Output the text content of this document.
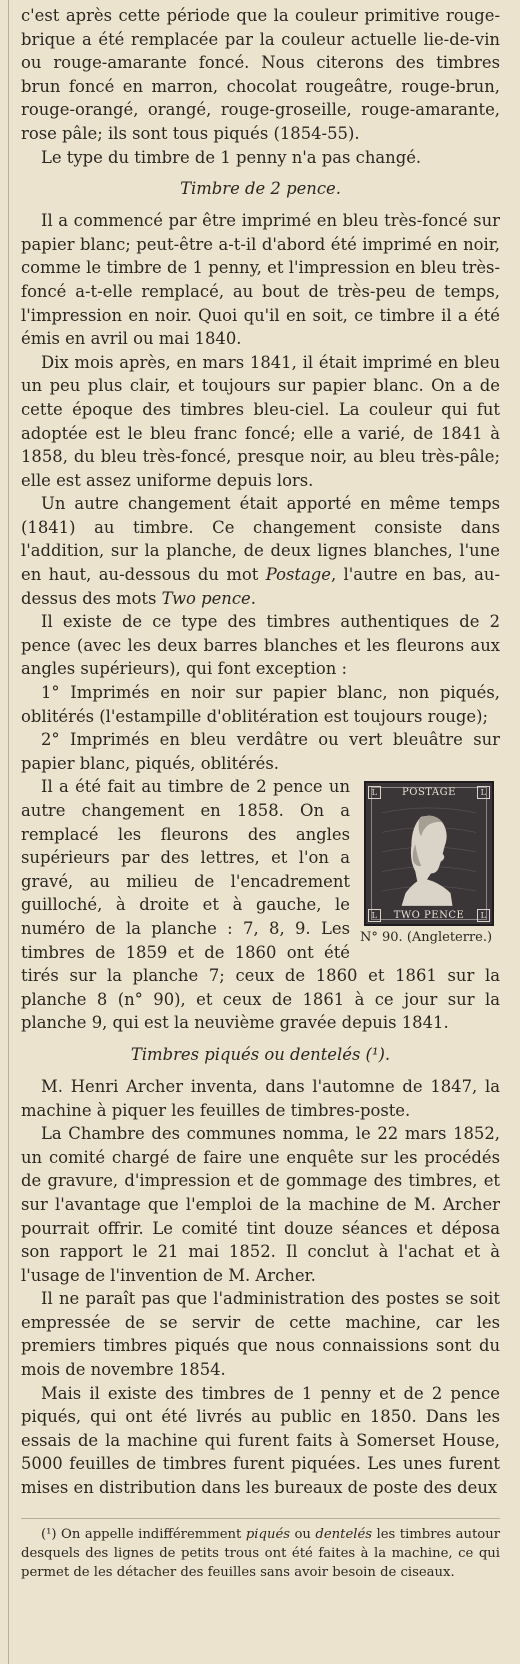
c'est après cette période que la couleur primitive rouge-brique a été remplacée par la couleur actuelle lie-de-vin ou rouge-amarante foncé. Nous citerons des timbres brun foncé en marron, chocolat rougeâtre, rouge-brun, rouge-orangé, orangé, rouge-groseille, rouge-amarante, rose pâle; ils sont tous piqués (1854-55).

Le type du timbre de 1 penny n'a pas changé.

Timbre de 2 pence.

Il a commencé par être imprimé en bleu très-foncé sur papier blanc; peut-être a-t-il d'abord été imprimé en noir, comme le timbre de 1 penny, et l'impression en bleu très-foncé a-t-elle remplacé, au bout de très-peu de temps, l'impression en noir. Quoi qu'il en soit, ce timbre il a été émis en avril ou mai 1840.

Dix mois après, en mars 1841, il était imprimé en bleu un peu plus clair, et toujours sur papier blanc. On a de cette époque des timbres bleu-ciel. La couleur qui fut adoptée est le bleu franc foncé; elle a varié, de 1841 à 1858, du bleu très-foncé, presque noir, au bleu très-pâle; elle est assez uniforme depuis lors.

Un autre changement était apporté en même temps (1841) au timbre. Ce changement consiste dans l'addition, sur la planche, de deux lignes blanches, l'une en haut, au-dessous du mot Postage, l'autre en bas, au-dessus des mots Two pence.

Il existe de ce type des timbres authentiques de 2 pence (avec les deux barres blanches et les fleurons aux angles supérieurs), qui font exception :

1° Imprimés en noir sur papier blanc, non piqués, oblitérés (l'estampille d'oblitération est toujours rouge);

2° Imprimés en bleu verdâtre ou vert bleuâtre sur papier blanc, piqués, oblitérés.

L	POSTAGE	L
L	TWO PENCE	L
N° 90. (Angleterre.)

Il a été fait au timbre de 2 pence un autre changement en 1858. On a remplacé les fleurons des angles supérieurs par des lettres, et l'on a gravé, au milieu de l'encadrement guilloché, à droite et à gauche, le numéro de la planche : 7, 8, 9. Les timbres de 1859 et de 1860 ont été tirés sur la planche 7; ceux de 1860 et 1861 sur la planche 8 (n° 90), et ceux de 1861 à ce jour sur la planche 9, qui est la neuvième gravée depuis 1841.

Timbres piqués ou dentelés (¹).

M. Henri Archer inventa, dans l'automne de 1847, la machine à piquer les feuilles de timbres-poste.

La Chambre des communes nomma, le 22 mars 1852, un comité chargé de faire une enquête sur les procédés de gravure, d'impression et de gommage des timbres, et sur l'avantage que l'emploi de la machine de M. Archer pourrait offrir. Le comité tint douze séances et déposa son rapport le 21 mai 1852. Il conclut à l'achat et à l'usage de l'invention de M. Archer.

Il ne paraît pas que l'administration des postes se soit empressée de se servir de cette machine, car les premiers timbres piqués que nous connaissions sont du mois de novembre 1854.

Mais il existe des timbres de 1 penny et de 2 pence piqués, qui ont été livrés au public en 1850. Dans les essais de la machine qui furent faits à Somerset House, 5000 feuilles de timbres furent piquées. Les unes furent mises en distribution dans les bureaux de poste des deux

(¹) On appelle indifféremment piqués ou dentelés les timbres autour desquels des lignes de petits trous ont été faites à la machine, ce qui permet de les détacher des feuilles sans avoir besoin de ciseaux.
